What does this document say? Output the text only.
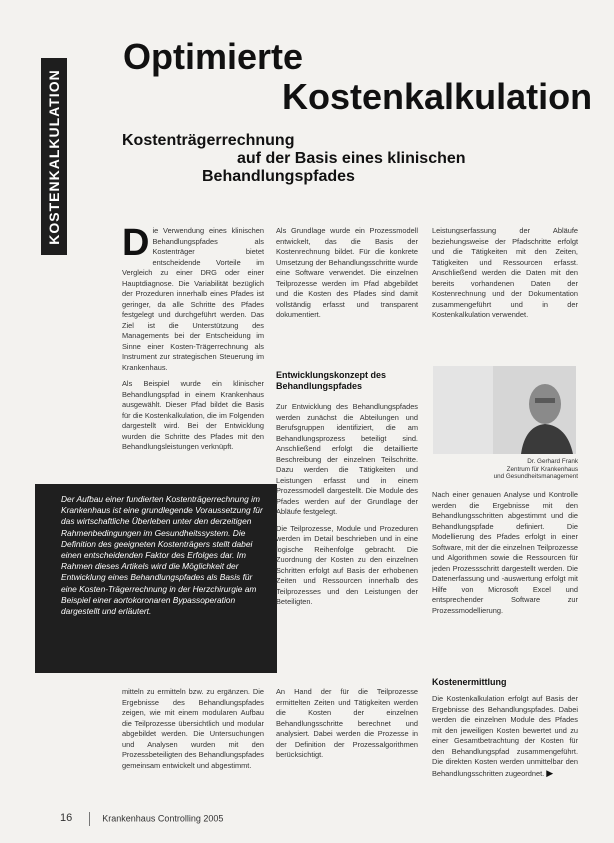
KOSTENKALKULATION
Optimierte
Kostenkalkulation
Kostenträgerrechnung
auf der Basis eines klinischen
Behandlungspfades

Die Verwendung eines klinischen Behandlungspfades als Kostenträger bietet entscheidende Vorteile im Vergleich zu einer DRG oder einer Hauptdiagnose. Die Variabilität bezüglich der Prozeduren innerhalb eines Pfades ist geringer, da alle Schritte des Pfades festgelegt und durchgeführt werden. Das Ziel ist die Unterstützung des Managements bei der Entscheidung im Sinne einer Kosten-Trägerrechnung als Instrument zur strategischen Steuerung im Krankenhaus.

Als Beispiel wurde ein klinischer Behandlungspfad in einem Krankenhaus ausgewählt. Dieser Pfad bildet die Basis für die Kostenkalkulation, die im Folgenden dargestellt wird. Bei der Entwicklung wurden die Schritte des Pfades mit den Behandlungsleistungen verknüpft.

Der Aufbau einer fundierten Kostenträgerrechnung im Krankenhaus ist eine grundlegende Voraussetzung für das wirtschaftliche Überleben unter den derzeitigen Rahmenbedingungen im Gesundheitssystem. Die Definition des geeigneten Kostenträgers stellt dabei einen entscheidenden Faktor des Erfolges dar. Im Rahmen dieses Artikels wird die Möglichkeit der Entwicklung eines Behandlungspfades als Basis für eine Kosten-Trägerrechnung in der Herzchirurgie am Beispiel einer aortokoronaren Bypassoperation dargestellt und erläutert.

mitteln zu ermitteln bzw. zu ergänzen. Die Ergebnisse des Behandlungspfades zeigen, wie mit einem modularen Aufbau die Teilprozesse übersichtlich und modular abgebildet werden. Die Untersuchungen und Analysen wurden mit den Prozessbeteiligten des Behandlungspfades gemeinsam entwickelt und abgestimmt.

Als Grundlage wurde ein Prozessmodell entwickelt, das die Basis der Kostenrechnung bildet. Für die konkrete Umsetzung der Behandlungsschritte wurde eine Software verwendet. Die einzelnen Teilprozesse werden im Pfad abgebildet und die Kosten des Pfades sind damit vollständig erfasst und transparent dokumentiert.

Entwicklungskonzept des Behandlungspfades

Zur Entwicklung des Behandlungspfades werden zunächst die Abteilungen und Berufsgruppen identifiziert, die am Behandlungsprozess beteiligt sind. Anschließend erfolgt die detaillierte Beschreibung der einzelnen Teilschritte. Dazu werden die Tätigkeiten und Leistungen erfasst und in einem Prozessmodell dargestellt. Die Module des Pfades werden auf der Grundlage der Abläufe festgelegt.

Die Teilprozesse, Module und Prozeduren werden im Detail beschrieben und in eine logische Reihenfolge gebracht. Die Zuordnung der Kosten zu den einzelnen Schritten erfolgt auf Basis der erhobenen Zeiten und Ressourcen innerhalb des Teilprozesses und den Leistungen der Beteiligten.

An Hand der für die Teilprozesse ermittelten Zeiten und Tätigkeiten werden die Kosten der einzelnen Behandlungsschritte berechnet und analysiert. Dabei werden die Prozesse in der Definition der Prozessalgorithmen berücksichtigt.

Leistungserfassung der Abläufe beziehungsweise der Pfadschritte erfolgt und die Tätigkeiten mit den Zeiten, Tätigkeiten und Ressourcen erfasst. Anschließend werden die Daten mit den bereits vorhandenen Daten der Kostenrechnung und der Dokumentation zusammengeführt und in der Kostenkalkulation verwendet.

Dr. Gerhard Frank
Zentrum für Krankenhaus
und Gesundheitsmanagement

Nach einer genauen Analyse und Kontrolle werden die Ergebnisse mit den Behandlungsschritten abgestimmt und die Behandlungspfade definiert. Die Modellierung des Pfades erfolgt in einer Software, mit der die einzelnen Teilprozesse und Algorithmen sowie die Ressourcen für jeden Prozessschritt dargestellt werden. Die Datenerfassung und -auswertung erfolgt mit Hilfe von Microsoft Excel und entsprechender Software zur Prozessmodellierung.

Kostenermittlung

Die Kostenkalkulation erfolgt auf Basis der Ergebnisse des Behandlungspfades. Dabei werden die einzelnen Module des Pfades mit den jeweiligen Kosten bewertet und zu einer Gesamtbetrachtung der Kosten für den Behandlungspfad zusammengeführt. Die direkten Kosten werden unmittelbar den Behandlungsschritten zugeordnet. ▶

16	Krankenhaus Controlling 2005
